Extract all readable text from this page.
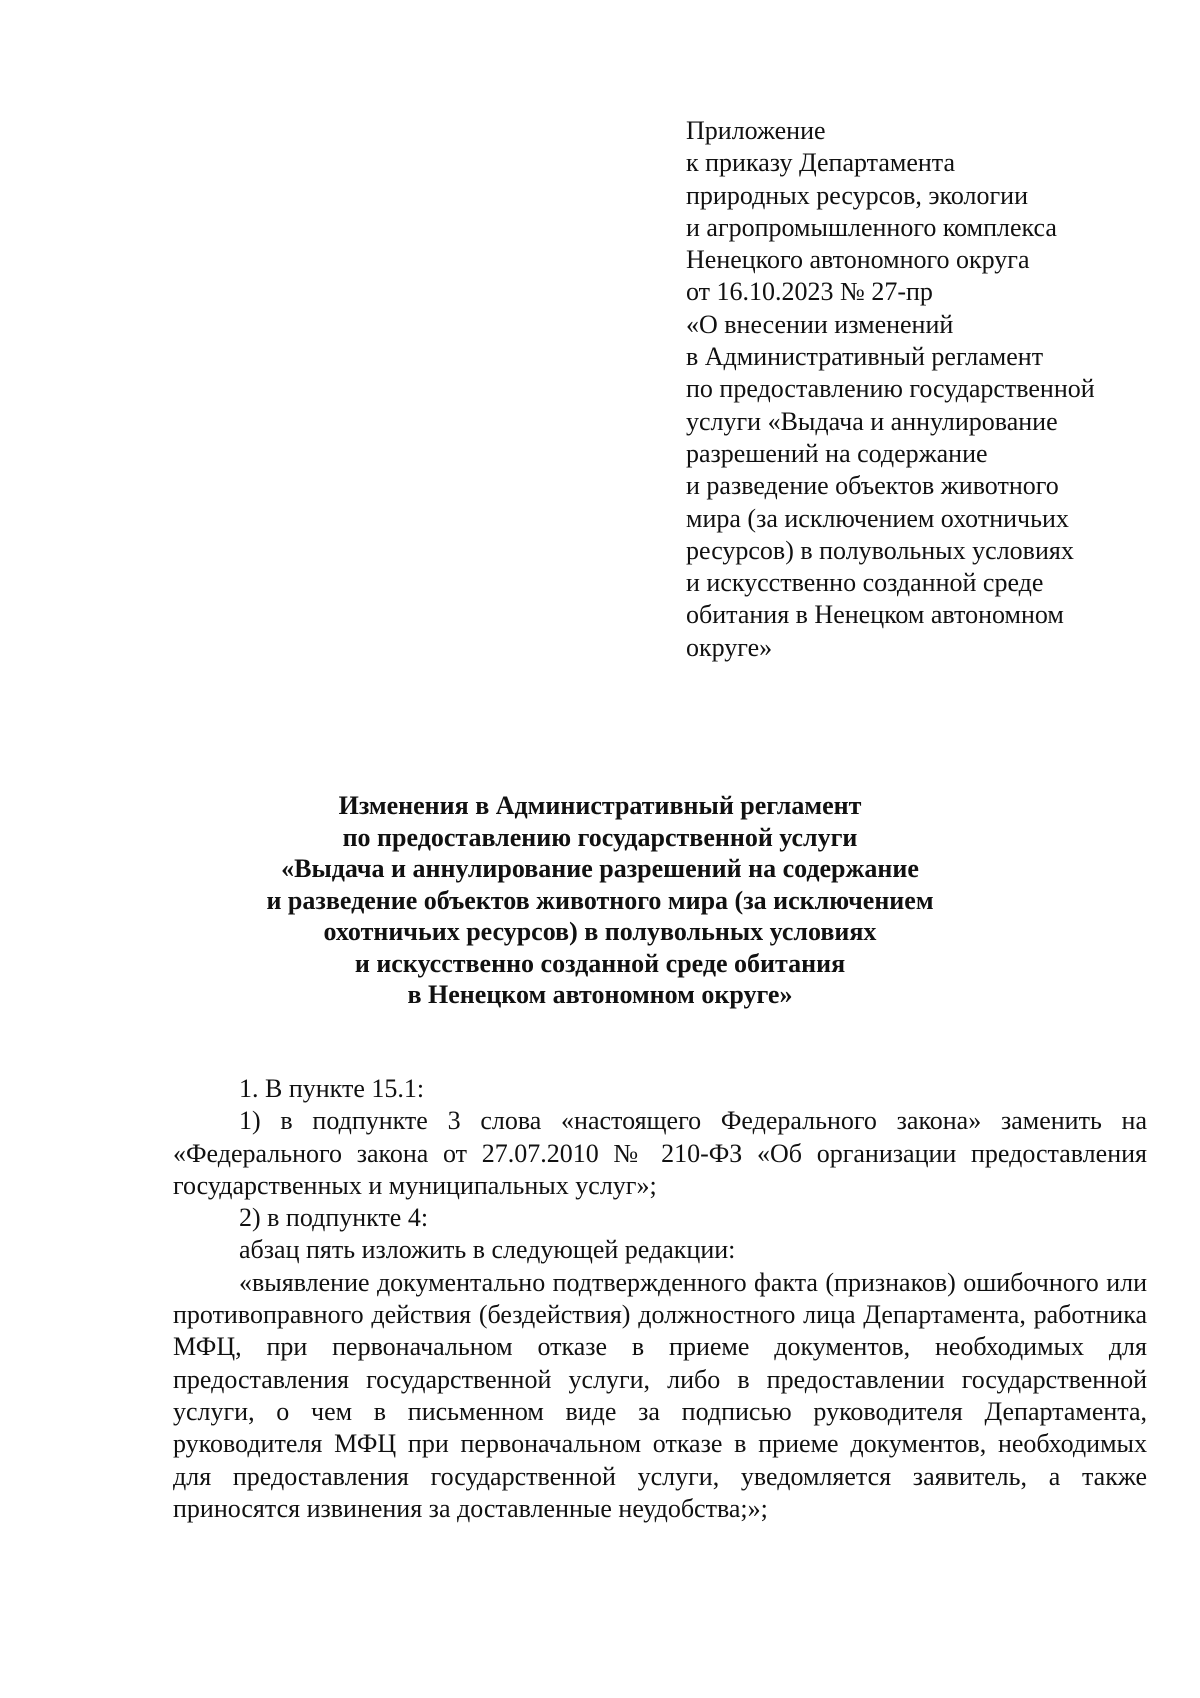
Приложение
к приказу Департамента
природных ресурсов, экологии
и агропромышленного комплекса
Ненецкого автономного округа
от 16.10.2023 № 27-пр
«О внесении изменений
в Административный регламент
по предоставлению государственной
услуги «Выдача и аннулирование
разрешений на содержание
и разведение объектов животного
мира (за исключением охотничьих
ресурсов) в полувольных условиях
и искусственно созданной среде
обитания в Ненецком автономном
округе»
Изменения в Административный регламент
по предоставлению государственной услуги
«Выдача и аннулирование разрешений на содержание
и разведение объектов животного мира (за исключением
охотничьих ресурсов) в полувольных условиях
и искусственно созданной среде обитания
в Ненецком автономном округе»

1. В пункте 15.1:

1) в подпункте 3 слова «настоящего Федерального закона» заменить на «Федерального закона от 27.07.2010 № 210-ФЗ «Об организации предоставления государственных и муниципальных услуг»;

2) в подпункте 4:

абзац пять изложить в следующей редакции:

«выявление документально подтвержденного факта (признаков) ошибочного или противоправного действия (бездействия) должностного лица Департамента, работника МФЦ, при первоначальном отказе в приеме документов, необходимых для предоставления государственной услуги, либо в предоставлении государственной услуги, о чем в письменном виде за подписью руководителя Департамента, руководителя МФЦ при первоначальном отказе в приеме документов, необходимых для предоставления государственной услуги, уведомляется заявитель, а также приносятся извинения за доставленные неудобства;»;
